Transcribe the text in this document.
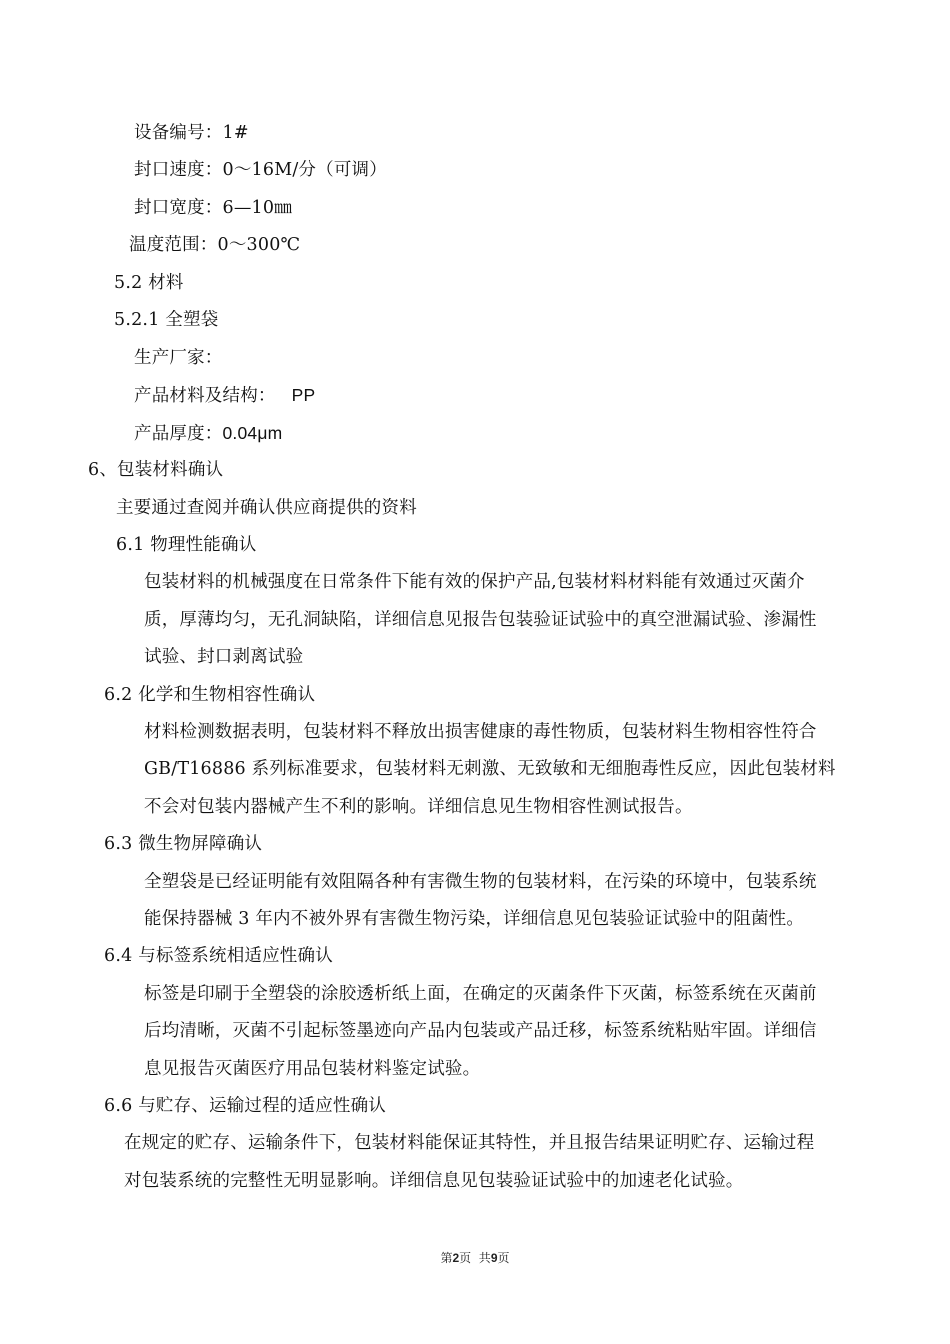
设备编号：1#
封口速度：0～16M/分（可调）
封口宽度：6—10㎜
温度范围：0～300℃
5.2 材料
5.2.1 全塑袋
生产厂家：
产品材料及结构： PP
产品厚度：0.04μm
6、包装材料确认
主要通过查阅并确认供应商提供的资料
6.1 物理性能确认
包装材料的机械强度在日常条件下能有效的保护产品,包装材料材料能有效通过灭菌介
质，厚薄均匀，无孔洞缺陷，详细信息见报告包装验证试验中的真空泄漏试验、渗漏性
试验、封口剥离试验
6.2 化学和生物相容性确认
材料检测数据表明，包装材料不释放出损害健康的毒性物质，包装材料生物相容性符合
GB/T16886 系列标准要求，包装材料无刺激、无致敏和无细胞毒性反应，因此包装材料
不会对包装内器械产生不利的影响。详细信息见生物相容性测试报告。
6.3 微生物屏障确认
全塑袋是已经证明能有效阻隔各种有害微生物的包装材料，在污染的环境中，包装系统
能保持器械 3 年内不被外界有害微生物污染，详细信息见包装验证试验中的阻菌性。
6.4 与标签系统相适应性确认
标签是印刷于全塑袋的涂胶透析纸上面，在确定的灭菌条件下灭菌，标签系统在灭菌前
后均清晰，灭菌不引起标签墨迹向产品内包装或产品迁移，标签系统粘贴牢固。详细信
息见报告灭菌医疗用品包装材料鉴定试验。
6.6 与贮存、运输过程的适应性确认
在规定的贮存、运输条件下，包装材料能保证其特性，并且报告结果证明贮存、运输过程
对包装系统的完整性无明显影响。详细信息见包装验证试验中的加速老化试验。
第2页  共9页
